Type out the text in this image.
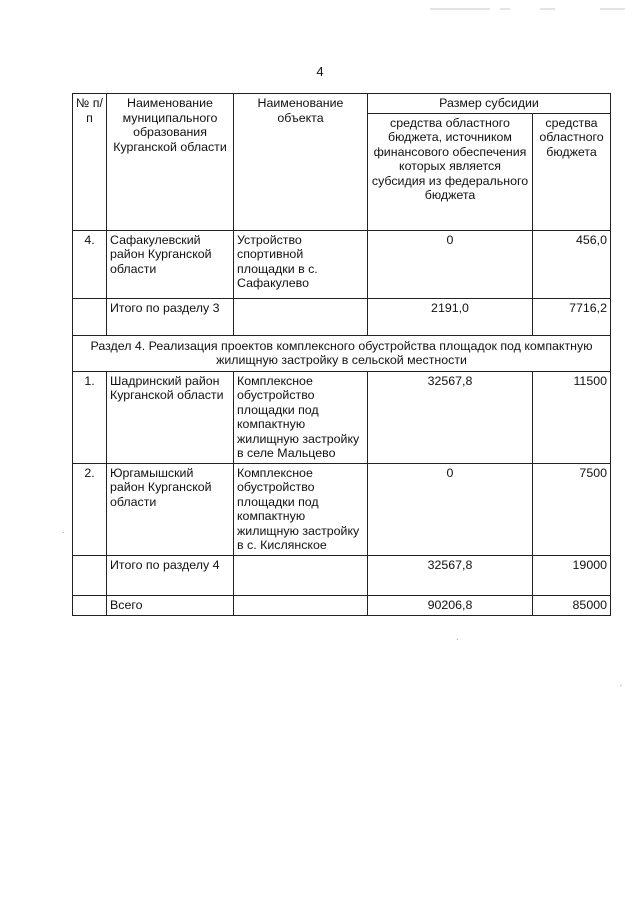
4
№ п/п	Наименование муниципального образования Курганской области	Наименование объекта	Размер субсидии	
			средства областного бюджета, источником финансового обеспечения которых является субсидия из федерального бюджета	средства областного бюджета
4.	Сафакулевский район Курганской области	Устройство спортивной площадки в с. Сафакулево	0	456,0
	Итого по разделу 3		2191,0	7716,2
Раздел 4. Реализация проектов комплексного обустройства площадок под компактную жилищную застройку в сельской местности				
1.	Шадринский район Курганской области	Комплексное обустройство площадки под компактную жилищную застройку в селе Мальцево	32567,8	11500
2.	Юргамышский район Курганской области	Комплексное обустройство площадки под компактную жилищную застройку в с. Кислянское	0	7500
	Итого по разделу 4		32567,8	19000
	Всего		90206,8	85000
.
.
'
